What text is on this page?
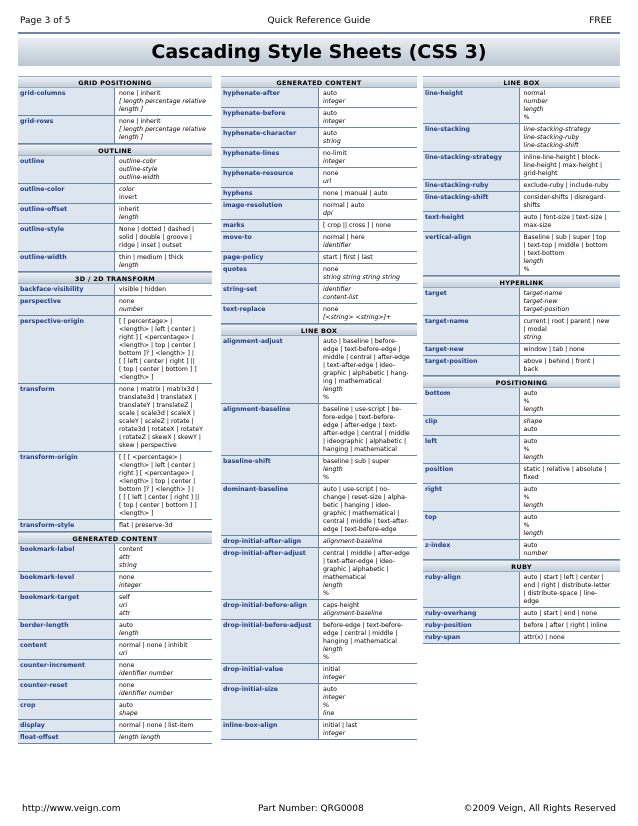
Page 3 of 5	Quick Reference Guide	FREE
Cascading Style Sheets (CSS 3)
GRID POSITIONING
grid-columns	none | inherit
[ length percentage relative
length ]
grid-rows	none | inherit
[ length percentage relative
length ]
OUTLINE
outline	outline-cobr
outline-style
outline-width
outline-color	color
invert
outline-offset	inherit
length
outline-style	None | dotted | dashed |
solid | double | groove |
ridge | inset | outset
outline-width	thin | medium | thick
length
3D / 2D TRANSFORM
backface-visibility	visible | hidden
perspective	none
number
perspective-origin	[ [ percentage> |
<length> | left | center |
right ] [ <percentage> |
<length> | top | center |
bottom ]? ] <length> ] |
[ [ left | center | right ] ||
[ top | center | bottom ] ]
<length> ]
transform	none | matrix | matrix3d |
translate3d | translateX |
translateY | translateZ |
scale | scale3d | scaleX |
scaleY | scaleZ | rotate |
rotate3d | rotateX | rotateY
| rotateZ | skewX | skewY |
skew | perspective
transform-origin	[ [ [ <percentage> |
<length> | left | center |
right ] [ <percentage> |
<length> | top | center |
bottom ]? ] <length> ] |
[ [ [ left | center | right ] ||
[ top | center | bottom ] ]
<length> ]
transform-style	flat | preserve-3d
GENERATED CONTENT
bookmark-label	content
attr
string
bookmark-level	none
integer
bookmark-target	self
uri
attr
border-length	auto
length
content	normal | none | inhibit
uri
counter-increment	none
identifier number
counter-reset	none
identifier number
crop	auto
shape
display	normal | none | list-item
float-offset	length length
GENERATED CONTENT
hyphenate-after	auto
integer
hyphenate-before	auto
integer
hyphenate-character	auto
string
hyphenate-lines	no-limit
integer
hyphenate-resource	none
url
hyphens	none | manual | auto
image-resolution	normal | auto
dpi
marks	[ crop || cross ] | none
move-to	normal | here
identifier
page-policy	start | first | last
quotes	none
string string string string
string-set	identifier
content-list
text-replace	none
[<string> <string>]+
LINE BOX
alignment-adjust	auto | baseline | before-
edge | text-before-edge |
middle | central | after-edge
| text-after-edge | ideo-
graphic | alphabetic | hang-
ing | mathematical
length
%
alignment-baseline	baseline | use-script | be-
fore-edge | text-before-
edge | after-edge | text-
after-edge | central | middle
| ideographic | alphabetic |
hanging | mathematical
baseline-shift	baseline | sub | super
length
%
dominant-baseline	auto | use-script | no-
change | reset-size | alpha-
betic | hanging | ideo-
graphic | mathematical |
central | middle | text-after-
edge | text-before-edge
drop-initial-after-align	alignment-baseline
drop-initial-after-adjust	central | middle | after-edge
| text-after-edge | ideo-
graphic | alphabetic |
mathematical
length
%
drop-initial-before-align	caps-height
alignment-baseline
drop-initial-before-adjust	before-edge | text-before-
edge | central | middle |
hanging | mathematical
length
%
drop-initial-value	initial
integer
drop-initial-size	auto
integer
%
line
inline-box-align	initial | last
integer
LINE BOX
line-height	normal
number
length
%
line-stacking	line-stacking-strategy
line-stacking-ruby
line-stacking-shift
line-stacking-strategy	inline-line-height | block-
line-height | max-height |
grid-height
line-stacking-ruby	exclude-ruby | include-ruby
line-stacking-shift	consider-shifts | disregard-
shifts
text-height	auto | font-size | text-size |
max-size
vertical-align	Baseline | sub | super | top
| text-top | middle | bottom
| text-bottom
length
%
HYPERLINK
target	target-name
target-new
target-position
target-name	current | root | parent | new
| modal
string
target-new	window | tab | none
target-position	above | behind | front |
back
POSITIONING
bottom	auto
%
length
clip	shape
auto
left	auto
%
length
position	static | relative | absolute |
fixed
right	auto
%
length
top	auto
%
length
z-index	auto
number
RUBY
ruby-align	auto | start | left | center |
end | right | distribute-letter
| distribute-space | line-
edge
ruby-overhang	auto | start | end | none
ruby-position	before | after | right | inline
ruby-span	attr(x) | none
http://www.veign.com	Part Number: QRG0008	©2009 Veign, All Rights Reserved
